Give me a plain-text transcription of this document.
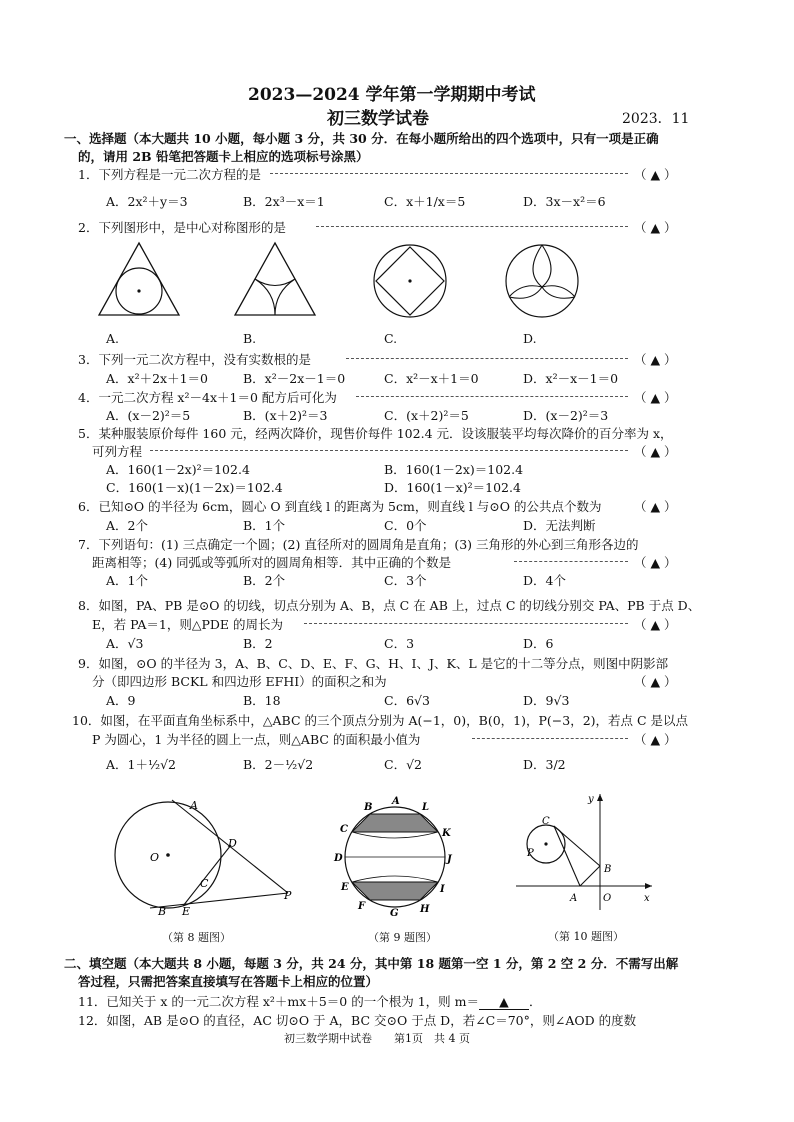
2023—2024 学年第一学期期中考试
初三数学试卷	2023．11
一、选择题（本大题共 10 小题，每小题 3 分，共 30 分．在每小题所给出的四个选项中，只有一项是正确
的，请用 2B 铅笔把答题卡上相应的选项标号涂黑）
1．下列方程是一元二次方程的是	（ ▲ ）
A．2x²＋y＝3	B．2x³－x＝1	C．x＋1/x＝5	D．3x－x²＝6
2．下列图形中，是中心对称图形的是	（ ▲ ）
A.	B.	C.	D.
3．下列一元二次方程中，没有实数根的是	（ ▲ ）
A．x²＋2x＋1＝0	B．x²－2x－1＝0	C．x²－x＋1＝0	D．x²－x－1＝0
4．一元二次方程 x²－4x＋1＝0 配方后可化为	（ ▲ ）
A．(x－2)²＝5	B．(x＋2)²＝3	C．(x＋2)²＝5	D．(x－2)²＝3
5．某种服装原价每件 160 元，经两次降价，现售价每件 102.4 元．设该服装平均每次降价的百分率为 x，
可列方程	（ ▲ ）
A．160(1－2x)²＝102.4	B．160(1－2x)＝102.4
C．160(1－x)(1－2x)＝102.4	D．160(1－x)²＝102.4
6．已知⊙O 的半径为 6cm，圆心 O 到直线 l 的距离为 5cm，则直线 l 与⊙O 的公共点个数为	（ ▲ ）
A．2个	B．1个	C．0个	D．无法判断
7．下列语句：(1) 三点确定一个圆；(2) 直径所对的圆周角是直角；(3) 三角形的外心到三角形各边的
距离相等；(4) 同弧或等弧所对的圆周角相等．其中正确的个数是	（ ▲ ）
A．1个	B．2个	C．3个	D．4个
8．如图，PA、PB 是⊙O 的切线，切点分别为 A、B，点 C 在 AB 上，过点 C 的切线分别交 PA、PB 于点 D、
E，若 PA＝1，则△PDE 的周长为	（ ▲ ）
A．√3	B．2	C．3	D．6
9．如图，⊙O 的半径为 3，A、B、C、D、E、F、G、H、I、J、K、L 是它的十二等分点，则图中阴影部
分（即四边形 BCKL 和四边形 EFHI）的面积之和为	（ ▲ ）
A．9	B．18	C．6√3	D．9√3
10．如图，在平面直角坐标系中，△ABC 的三个顶点分别为 A(−1，0)，B(0，1)，P(−3，2)，若点 C 是以点
P 为圆心，1 为半径的圆上一点，则△ABC 的面积最小值为	（ ▲ ）
A．1＋½√2	B．2－½√2	C．√2	D．3/2
A
O
D
C
B E
P
（第 8 题图）
B
A
L
C	K
D	J
E	I
F
G H
（第 9 题图）
y
C
P
B
A	O	x
（第 10 题图）
二、填空题（本大题共 8 小题，每题 3 分，共 24 分，其中第 18 题第一空 1 分，第 2 空 2 分．不需写出解
答过程，只需把答案直接填写在答题卡上相应的位置）
11．已知关于 x 的一元二次方程 x²＋mx＋5＝0 的一个根为 1，则 m＝ ▲ ．
12．如图，AB 是⊙O 的直径，AC 切⊙O 于 A，BC 交⊙O 于点 D，若∠C＝70°，则∠AOD 的度数
初三数学期中试卷　　第1页　共 4 页
